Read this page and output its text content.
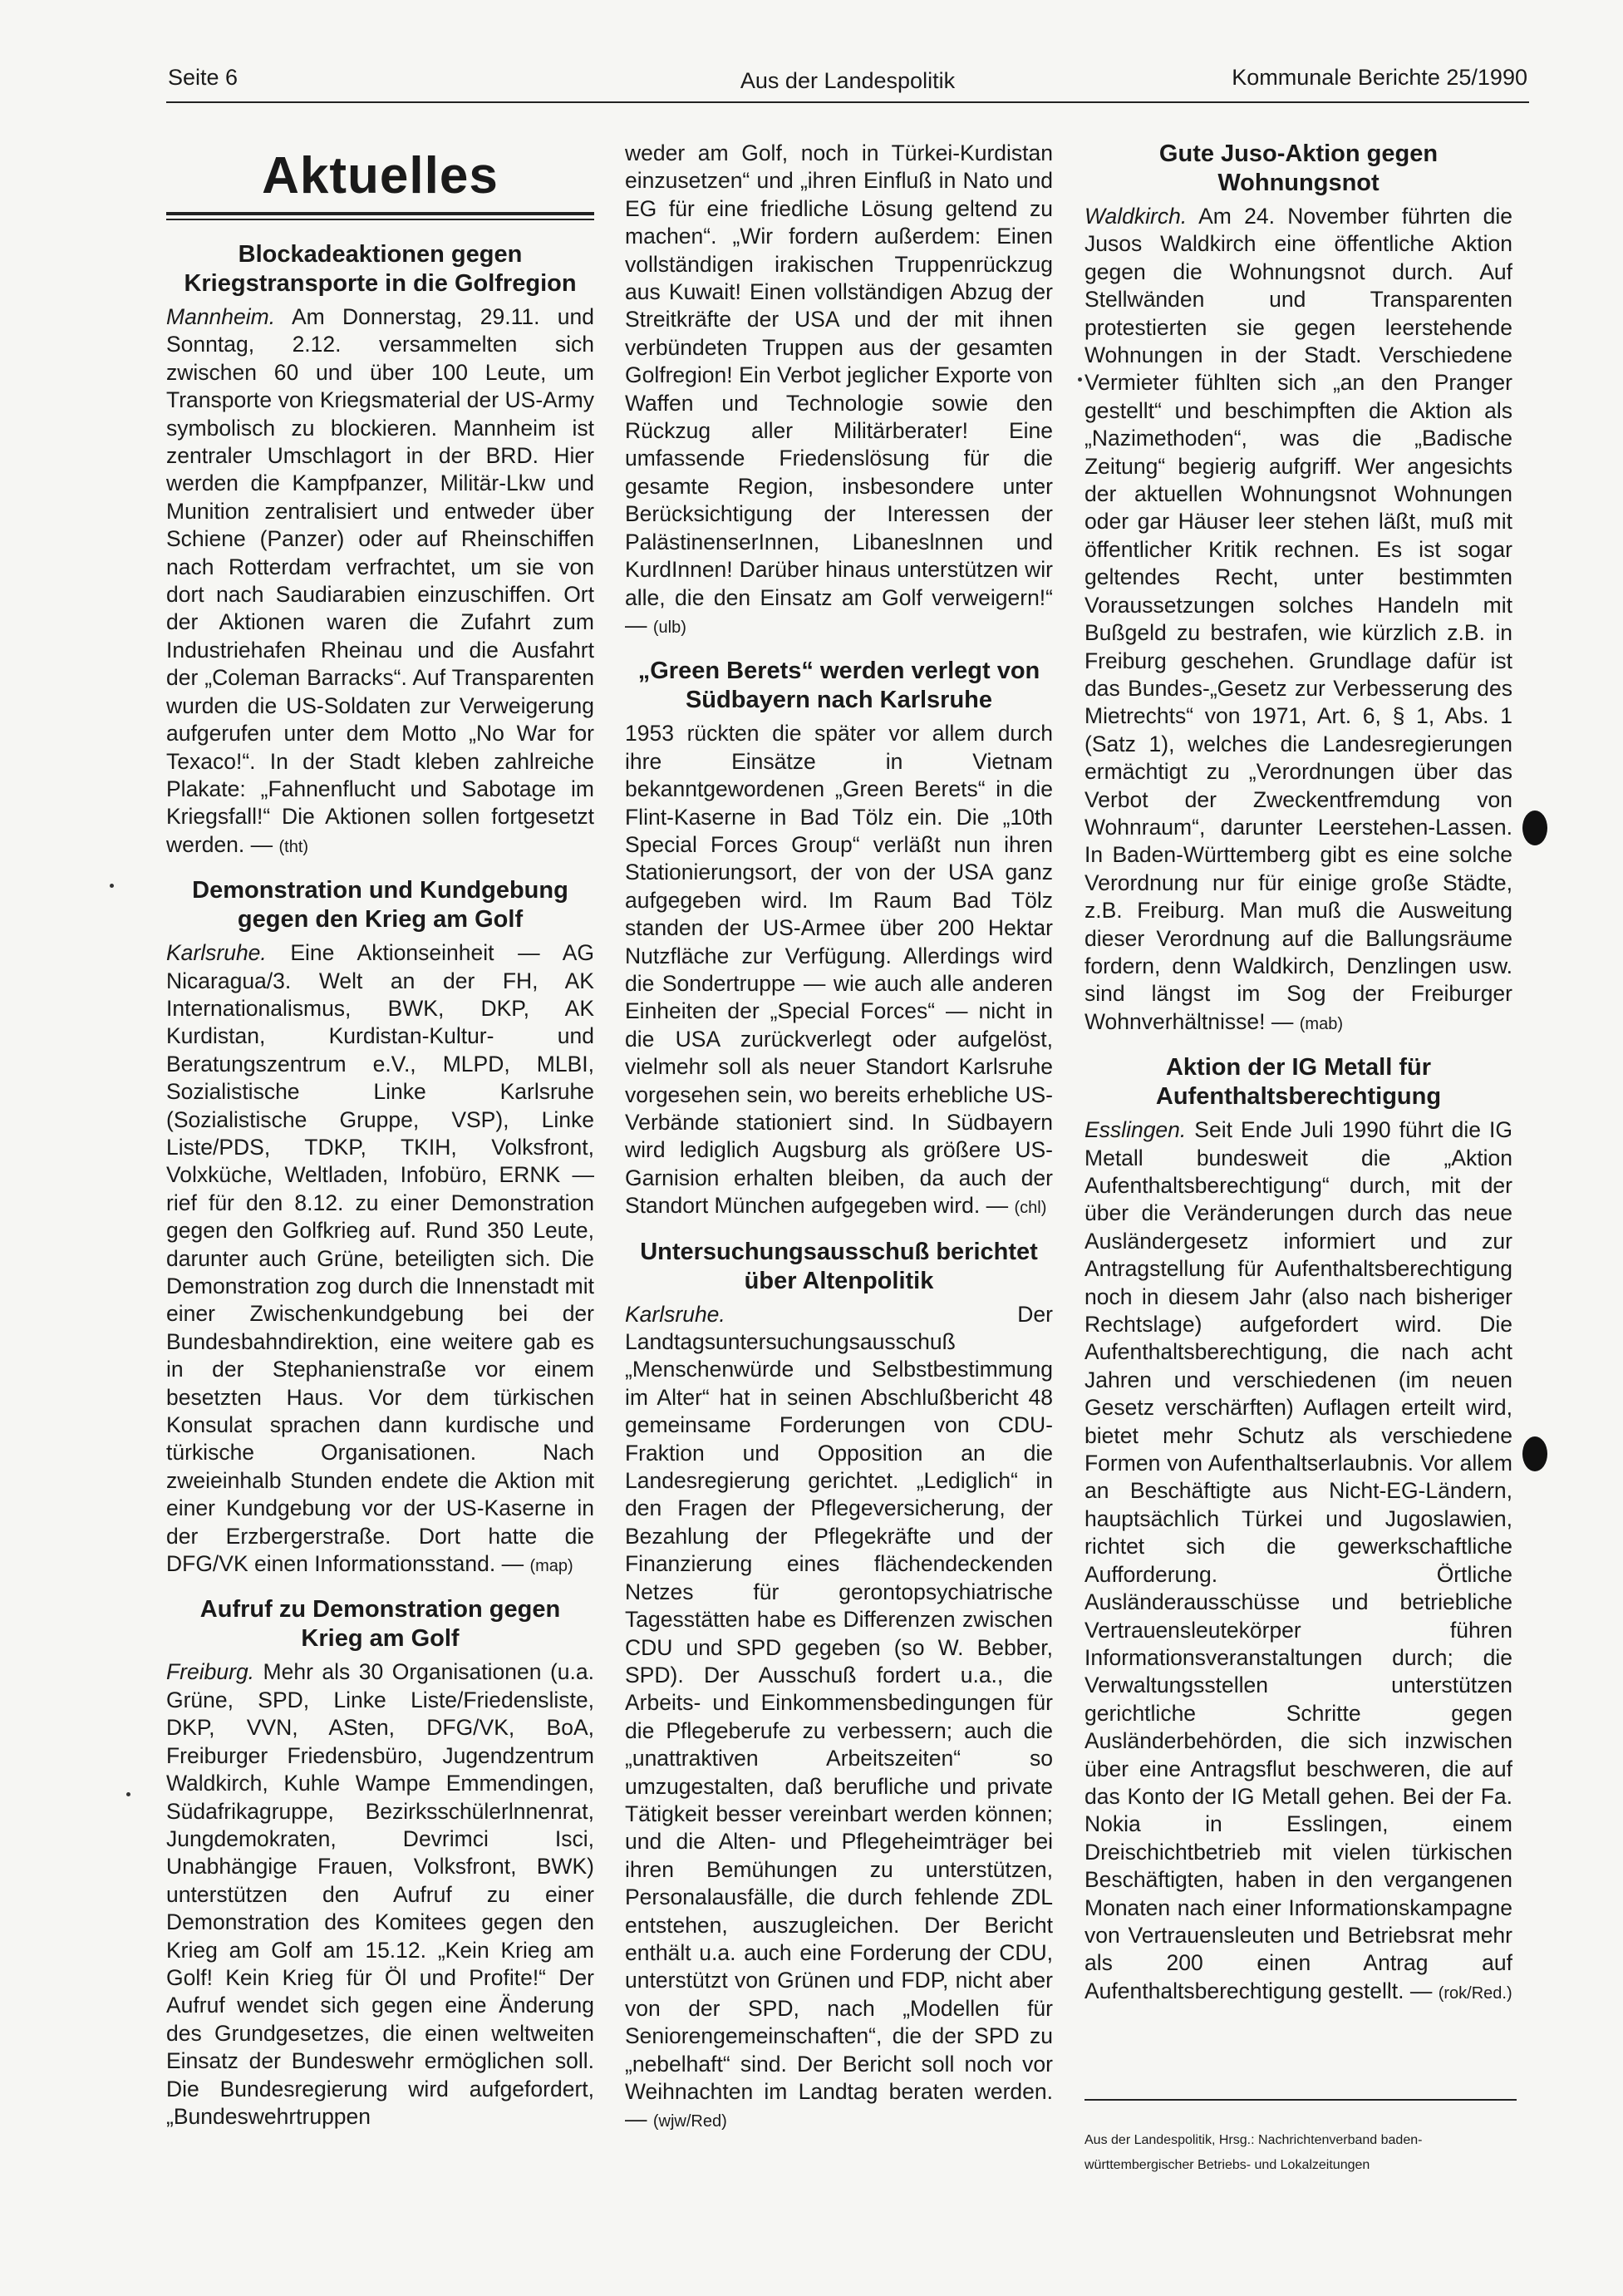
Seite 6	Aus der Landespolitik	Kommunale Berichte 25/1990
Aktuelles
Blockadeaktionen gegen Kriegstransporte in die Golfregion

Mannheim. Am Donnerstag, 29.11. und Sonntag, 2.12. versammelten sich zwischen 60 und über 100 Leute, um Transporte von Kriegsmaterial der US-Army symbolisch zu blockieren. Mannheim ist zentraler Umschlagort in der BRD. Hier werden die Kampfpanzer, Militär-Lkw und Munition zentralisiert und entweder über Schiene (Panzer) oder auf Rheinschiffen nach Rotterdam verfrachtet, um sie von dort nach Saudiarabien einzuschiffen. Ort der Aktionen waren die Zufahrt zum Industriehafen Rheinau und die Ausfahrt der „Coleman Barracks“. Auf Transparenten wurden die US-Soldaten zur Verweigerung aufgerufen unter dem Motto „No War for Texaco!“. In der Stadt kleben zahlreiche Plakate: „Fahnenflucht und Sabotage im Kriegsfall!“ Die Aktionen sollen fortgesetzt werden. — (tht)

Demonstration und Kundgebung gegen den Krieg am Golf

Karlsruhe. Eine Aktionseinheit — AG Nicaragua/3. Welt an der FH, AK Internationalismus, BWK, DKP, AK Kurdistan, Kurdistan-Kultur- und Beratungszentrum e.V., MLPD, MLBI, Sozialistische Linke Karlsruhe (Sozialistische Gruppe, VSP), Linke Liste/PDS, TDKP, TKIH, Volksfront, Volxküche, Weltladen, Infobüro, ERNK — rief für den 8.12. zu einer Demonstration gegen den Golfkrieg auf. Rund 350 Leute, darunter auch Grüne, beteiligten sich. Die Demonstration zog durch die Innenstadt mit einer Zwischenkundgebung bei der Bundesbahndirektion, eine weitere gab es in der Stephanienstraße vor einem besetzten Haus. Vor dem türkischen Konsulat sprachen dann kurdische und türkische Organisationen. Nach zweieinhalb Stunden endete die Aktion mit einer Kundgebung vor der US-Kaserne in der Erzbergerstraße. Dort hatte die DFG/VK einen Informationsstand. — (map)

Aufruf zu Demonstration gegen Krieg am Golf

Freiburg. Mehr als 30 Organisationen (u.a. Grüne, SPD, Linke Liste/Friedensliste, DKP, VVN, ASten, DFG/VK, BoA, Freiburger Friedensbüro, Jugendzentrum Waldkirch, Kuhle Wampe Emmendingen, Südafrikagruppe, Bezirksschülerlnnenrat, Jungdemokraten, Devrimci Isci, Unabhängige Frauen, Volksfront, BWK) unterstützen den Aufruf zu einer Demonstration des Komitees gegen den Krieg am Golf am 15.12. „Kein Krieg am Golf! Kein Krieg für Öl und Profite!“ Der Aufruf wendet sich gegen eine Änderung des Grundgesetzes, die einen weltweiten Einsatz der Bundeswehr ermöglichen soll. Die Bundesregierung wird aufgefordert, „Bundeswehrtruppen

weder am Golf, noch in Türkei-Kurdistan einzusetzen“ und „ihren Einfluß in Nato und EG für eine friedliche Lösung geltend zu machen“. „Wir fordern außerdem: Einen vollständigen irakischen Truppenrückzug aus Kuwait! Einen vollständigen Abzug der Streitkräfte der USA und der mit ihnen verbündeten Truppen aus der gesamten Golfregion! Ein Verbot jeglicher Exporte von Waffen und Technologie sowie den Rückzug aller Militärberater! Eine umfassende Friedenslösung für die gesamte Region, insbesondere unter Berücksichtigung der Interessen der PalästinenserInnen, Libaneslnnen und KurdInnen! Darüber hinaus unterstützen wir alle, die den Einsatz am Golf verweigern!“ — (ulb)

„Green Berets“ werden verlegt von Südbayern nach Karlsruhe

1953 rückten die später vor allem durch ihre Einsätze in Vietnam bekanntgewordenen „Green Berets“ in die Flint-Kaserne in Bad Tölz ein. Die „10th Special Forces Group“ verläßt nun ihren Stationierungsort, der von der USA ganz aufgegeben wird. Im Raum Bad Tölz standen der US-Armee über 200 Hektar Nutzfläche zur Verfügung. Allerdings wird die Sondertruppe — wie auch alle anderen Einheiten der „Special Forces“ — nicht in die USA zurückverlegt oder aufgelöst, vielmehr soll als neuer Standort Karlsruhe vorgesehen sein, wo bereits erhebliche US-Verbände stationiert sind. In Südbayern wird lediglich Augsburg als größere US-Garnision erhalten bleiben, da auch der Standort München aufgegeben wird. — (chl)

Untersuchungsausschuß berichtet über Altenpolitik

Karlsruhe. Der Landtagsuntersuchungsausschuß „Menschenwürde und Selbstbestimmung im Alter“ hat in seinen Abschlußbericht 48 gemeinsame Forderungen von CDU-Fraktion und Opposition an die Landesregierung gerichtet. „Lediglich“ in den Fragen der Pflegeversicherung, der Bezahlung der Pflegekräfte und der Finanzierung eines flächendeckenden Netzes für gerontopsychiatrische Tagesstätten habe es Differenzen zwischen CDU und SPD gegeben (so W. Bebber, SPD). Der Ausschuß fordert u.a., die Arbeits- und Einkommensbedingungen für die Pflegeberufe zu verbessern; auch die „unattraktiven Arbeitszeiten“ so umzugestalten, daß berufliche und private Tätigkeit besser vereinbart werden können; und die Alten- und Pflegeheimträger bei ihren Bemühungen zu unterstützen, Personalausfälle, die durch fehlende ZDL entstehen, auszugleichen. Der Bericht enthält u.a. auch eine Forderung der CDU, unterstützt von Grünen und FDP, nicht aber von der SPD, nach „Modellen für Seniorengemeinschaften“, die der SPD zu „nebelhaft“ sind. Der Bericht soll noch vor Weihnachten im Landtag beraten werden. — (wjw/Red)

Gute Juso-Aktion gegen Wohnungsnot

Waldkirch. Am 24. November führten die Jusos Waldkirch eine öffentliche Aktion gegen die Wohnungsnot durch. Auf Stellwänden und Transparenten protestierten sie gegen leerstehende Wohnungen in der Stadt. Verschiedene Vermieter fühlten sich „an den Pranger gestellt“ und beschimpften die Aktion als „Nazimethoden“, was die „Badische Zeitung“ begierig aufgriff. Wer angesichts der aktuellen Wohnungsnot Wohnungen oder gar Häuser leer stehen läßt, muß mit öffentlicher Kritik rechnen. Es ist sogar geltendes Recht, unter bestimmten Voraussetzungen solches Handeln mit Bußgeld zu bestrafen, wie kürzlich z.B. in Freiburg geschehen. Grundlage dafür ist das Bundes-„Gesetz zur Verbesserung des Mietrechts“ von 1971, Art. 6, § 1, Abs. 1 (Satz 1), welches die Landesregierungen ermächtigt zu „Verordnungen über das Verbot der Zweckentfremdung von Wohnraum“, darunter Leerstehen-Lassen. In Baden-Württemberg gibt es eine solche Verordnung nur für einige große Städte, z.B. Freiburg. Man muß die Ausweitung dieser Verordnung auf die Ballungsräume fordern, denn Waldkirch, Denzlingen usw. sind längst im Sog der Freiburger Wohnverhältnisse! — (mab)

Aktion der IG Metall für Aufenthaltsberechtigung

Esslingen. Seit Ende Juli 1990 führt die IG Metall bundesweit die „Aktion Aufenthaltsberechtigung“ durch, mit der über die Veränderungen durch das neue Ausländergesetz informiert und zur Antragstellung für Aufenthaltsberechtigung noch in diesem Jahr (also nach bisheriger Rechtslage) aufgefordert wird. Die Aufenthaltsberechtigung, die nach acht Jahren und verschiedenen (im neuen Gesetz verschärften) Auflagen erteilt wird, bietet mehr Schutz als verschiedene Formen von Aufenthaltserlaubnis. Vor allem an Beschäftigte aus Nicht-EG-Ländern, hauptsächlich Türkei und Jugoslawien, richtet sich die gewerkschaftliche Aufforderung. Örtliche Ausländerausschüsse und betriebliche Vertrauensleutekörper führen Informationsveranstaltungen durch; die Verwaltungsstellen unterstützen gerichtliche Schritte gegen Ausländerbehörden, die sich inzwischen über eine Antragsflut beschweren, die auf das Konto der IG Metall gehen. Bei der Fa. Nokia in Esslingen, einem Dreischichtbetrieb mit vielen türkischen Beschäftigten, haben in den vergangenen Monaten nach einer Informationskampagne von Vertrauensleuten und Betriebsrat mehr als 200 einen Antrag auf Aufenthaltsberechtigung gestellt. — (rok/Red.)

Aus der Landespolitik, Hrsg.: Nachrichtenverband baden-württembergischer Betriebs- und Lokalzeitungen
